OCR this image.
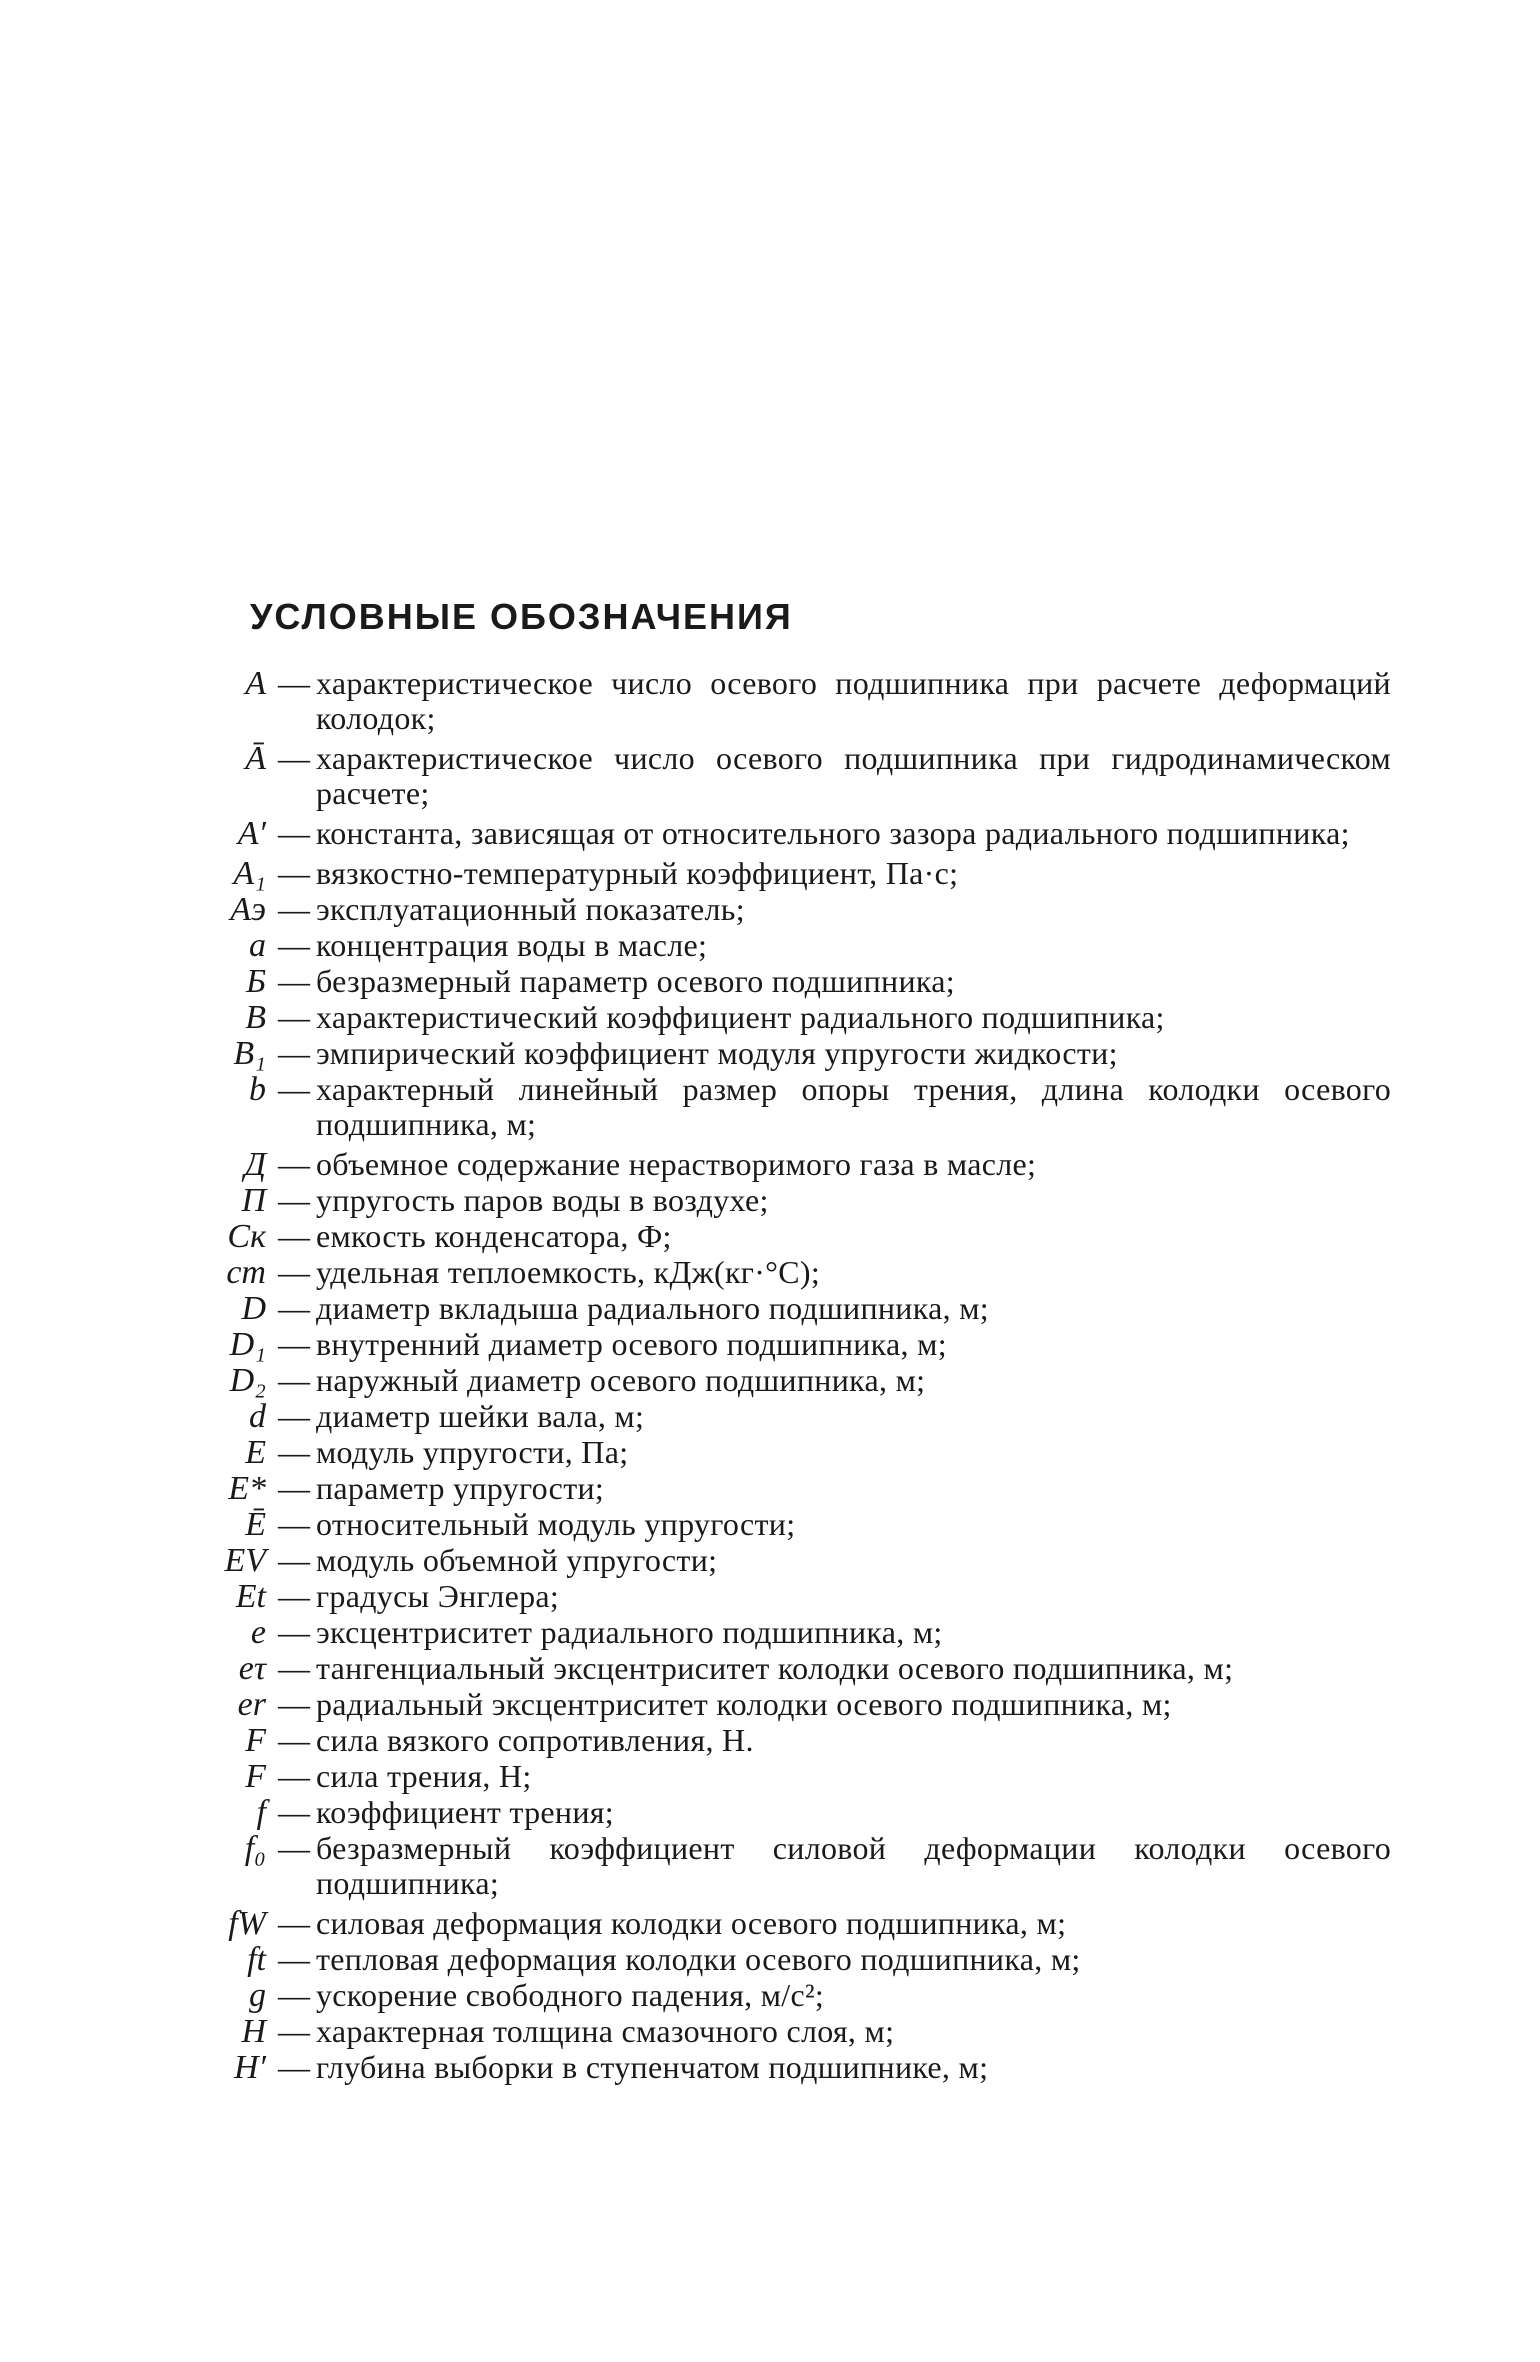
УСЛОВНЫЕ ОБОЗНАЧЕНИЯ
A — характеристическое число осевого подшипника при расчете деформаций колодок;
Ā — характеристическое число осевого подшипника при гидродинамическом расчете;
A′ — константа, зависящая от относительного зазора радиального подшипника;
A₁ — вязкостно-температурный коэффициент, Па·с;
Aэ — эксплуатационный показатель;
a — концентрация воды в масле;
Б — безразмерный параметр осевого подшипника;
B — характеристический коэффициент радиального подшипника;
B₁ — эмпирический коэффициент модуля упругости жидкости;
b — характерный линейный размер опоры трения, длина колодки осевого подшипника, м;
Д — объемное содержание нерастворимого газа в масле;
П — упругость паров воды в воздухе;
Cк — емкость конденсатора, Ф;
cт — удельная теплоемкость, кДж(кг·°С);
D — диаметр вкладыша радиального подшипника, м;
D₁ — внутренний диаметр осевого подшипника, м;
D₂ — наружный диаметр осевого подшипника, м;
d — диаметр шейки вала, м;
E — модуль упругости, Па;
E* — параметр упругости;
Ē — относительный модуль упругости;
EV — модуль объемной упругости;
Et — градусы Энглера;
e — эксцентриситет радиального подшипника, м;
eτ — тангенциальный эксцентриситет колодки осевого подшипника, м;
er — радиальный эксцентриситет колодки осевого подшипника, м;
F — сила вязкого сопротивления, Н.
F — сила трения, Н;
f — коэффициент трения;
f₀ — безразмерный коэффициент силовой деформации колодки осевого подшипника;
fW — силовая деформация колодки осевого подшипника, м;
ft — тепловая деформация колодки осевого подшипника, м;
g — ускорение свободного падения, м/с²;
H — характерная толщина смазочного слоя, м;
H′ — глубина выборки в ступенчатом подшипнике, м;
